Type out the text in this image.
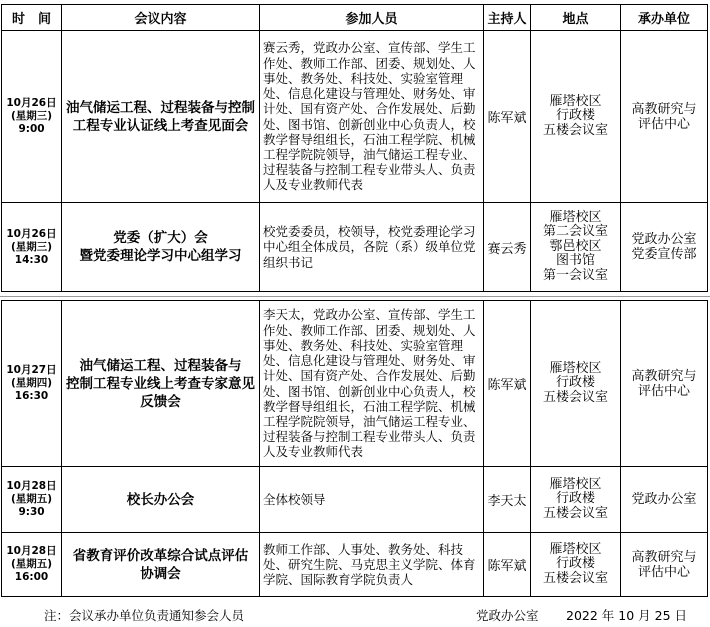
时　间	会议内容	参加人员	主持人	地点	承办单位

10月26日
(星期三)
9:00	油气储运工程、过程装备与控制
工程专业认证线上考查见面会	赛云秀，党政办公室、宣传部、学生工作处、教师工作部、团委、规划处、人事处、教务处、科技处、实验室管理处、信息化建设与管理处、财务处、审计处、国有资产处、合作发展处、后勤处、图书馆、创新创业中心负责人，校教学督导组组长，石油工程学院、机械工程学院院领导，油气储运工程专业、过程装备与控制工程专业带头人、负责人及专业教师代表	陈军斌	雁塔校区
行政楼
五楼会议室	高教研究与
评估中心

10月26日
(星期三)
14:30	党委（扩大）会
暨党委理论学习中心组学习	校党委委员，校领导，校党委理论学习中心组全体成员，各院（系）级单位党组织书记	赛云秀	雁塔校区
第二会议室
鄠邑校区
图书馆
第一会议室	党政办公室
党委宣传部
10月27日
(星期四)
16:30	油气储运工程、过程装备与
控制工程专业线上考查专家意见
反馈会	李天太，党政办公室、宣传部、学生工作处、教师工作部、团委、规划处、人事处、教务处、科技处、实验室管理处、信息化建设与管理处、财务处、审计处、国有资产处、合作发展处、后勤处、图书馆、创新创业中心负责人，校教学督导组组长，石油工程学院、机械工程学院院领导，油气储运工程专业、过程装备与控制工程专业带头人、负责人及专业教师代表	陈军斌	雁塔校区
行政楼
五楼会议室	高教研究与
评估中心

10月28日
(星期五)
9:30	校长办公会	全体校领导	李天太	雁塔校区
行政楼
五楼会议室	党政办公室

10月28日
(星期五)
16:00	省教育评价改革综合试点评估
协调会	教师工作部、人事处、教务处、科技处、研究生院、马克思主义学院、体育学院、国际教育学院负责人	陈军斌	雁塔校区
行政楼
五楼会议室	高教研究与
评估中心
注：会议承办单位负责通知参会人员	党政办公室 2022 年 10 月 25 日
